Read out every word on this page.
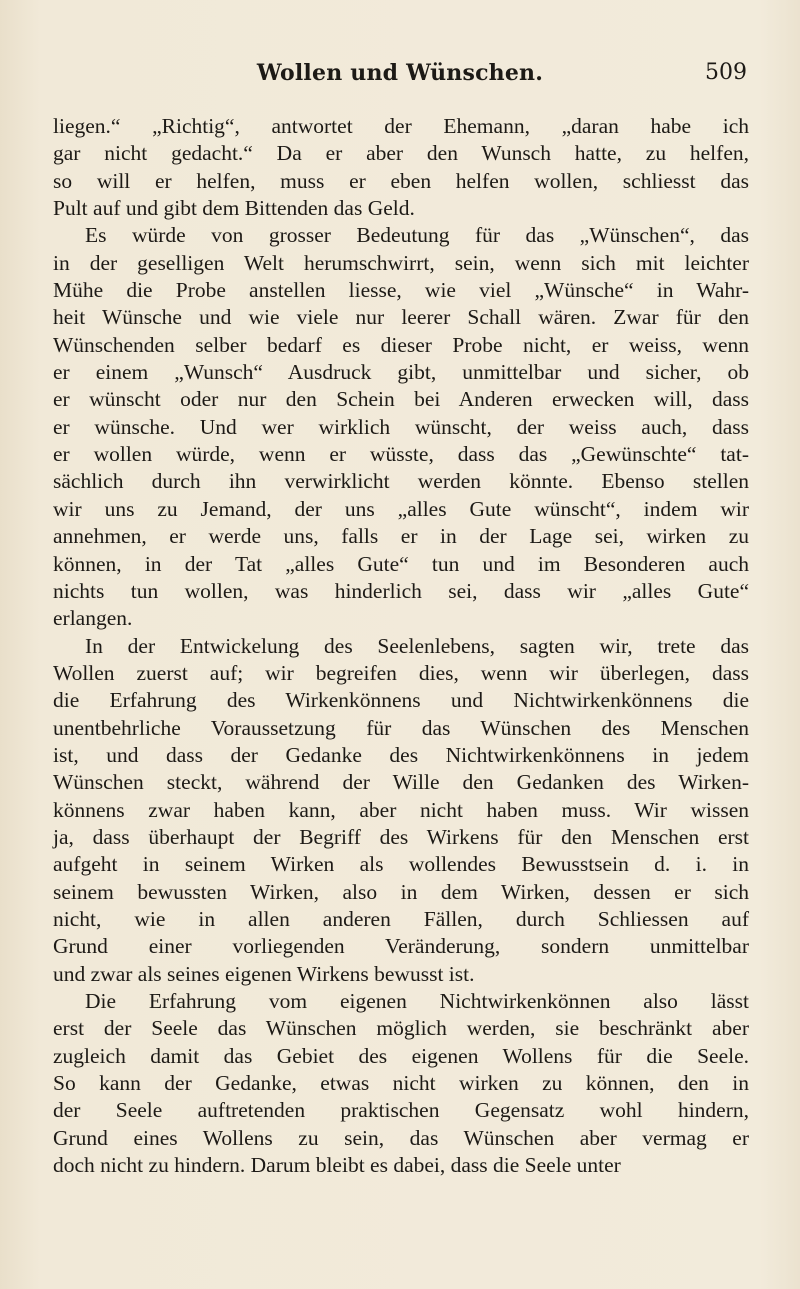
Wollen und Wünschen.	509
liegen.“ „Richtig“, antwortet der Ehemann, „daran habe ich
gar nicht gedacht.“ Da er aber den Wunsch hatte, zu helfen,
so will er helfen, muss er eben helfen wollen, schliesst das
Pult auf und gibt dem Bittenden das Geld.
Es würde von grosser Bedeutung für das „Wünschen“, das
in der geselligen Welt herumschwirrt, sein, wenn sich mit leichter
Mühe die Probe anstellen liesse, wie viel „Wünsche“ in Wahr-
heit Wünsche und wie viele nur leerer Schall wären. Zwar für den
Wünschenden selber bedarf es dieser Probe nicht, er weiss, wenn
er einem „Wunsch“ Ausdruck gibt, unmittelbar und sicher, ob
er wünscht oder nur den Schein bei Anderen erwecken will, dass
er wünsche. Und wer wirklich wünscht, der weiss auch, dass
er wollen würde, wenn er wüsste, dass das „Gewünschte“ tat-
sächlich durch ihn verwirklicht werden könnte. Ebenso stellen
wir uns zu Jemand, der uns „alles Gute wünscht“, indem wir
annehmen, er werde uns, falls er in der Lage sei, wirken zu
können, in der Tat „alles Gute“ tun und im Besonderen auch
nichts tun wollen, was hinderlich sei, dass wir „alles Gute“
erlangen.
In der Entwickelung des Seelenlebens, sagten wir, trete das
Wollen zuerst auf; wir begreifen dies, wenn wir überlegen, dass
die Erfahrung des Wirkenkönnens und Nichtwirkenkönnens die
unentbehrliche Voraussetzung für das Wünschen des Menschen
ist, und dass der Gedanke des Nichtwirkenkönnens in jedem
Wünschen steckt, während der Wille den Gedanken des Wirken-
könnens zwar haben kann, aber nicht haben muss. Wir wissen
ja, dass überhaupt der Begriff des Wirkens für den Menschen erst
aufgeht in seinem Wirken als wollendes Bewusstsein d. i. in
seinem bewussten Wirken, also in dem Wirken, dessen er sich
nicht, wie in allen anderen Fällen, durch Schliessen auf
Grund einer vorliegenden Veränderung, sondern unmittelbar
und zwar als seines eigenen Wirkens bewusst ist.
Die Erfahrung vom eigenen Nichtwirkenkönnen also lässt
erst der Seele das Wünschen möglich werden, sie beschränkt aber
zugleich damit das Gebiet des eigenen Wollens für die Seele.
So kann der Gedanke, etwas nicht wirken zu können, den in
der Seele auftretenden praktischen Gegensatz wohl hindern,
Grund eines Wollens zu sein, das Wünschen aber vermag er
doch nicht zu hindern. Darum bleibt es dabei, dass die Seele unter
